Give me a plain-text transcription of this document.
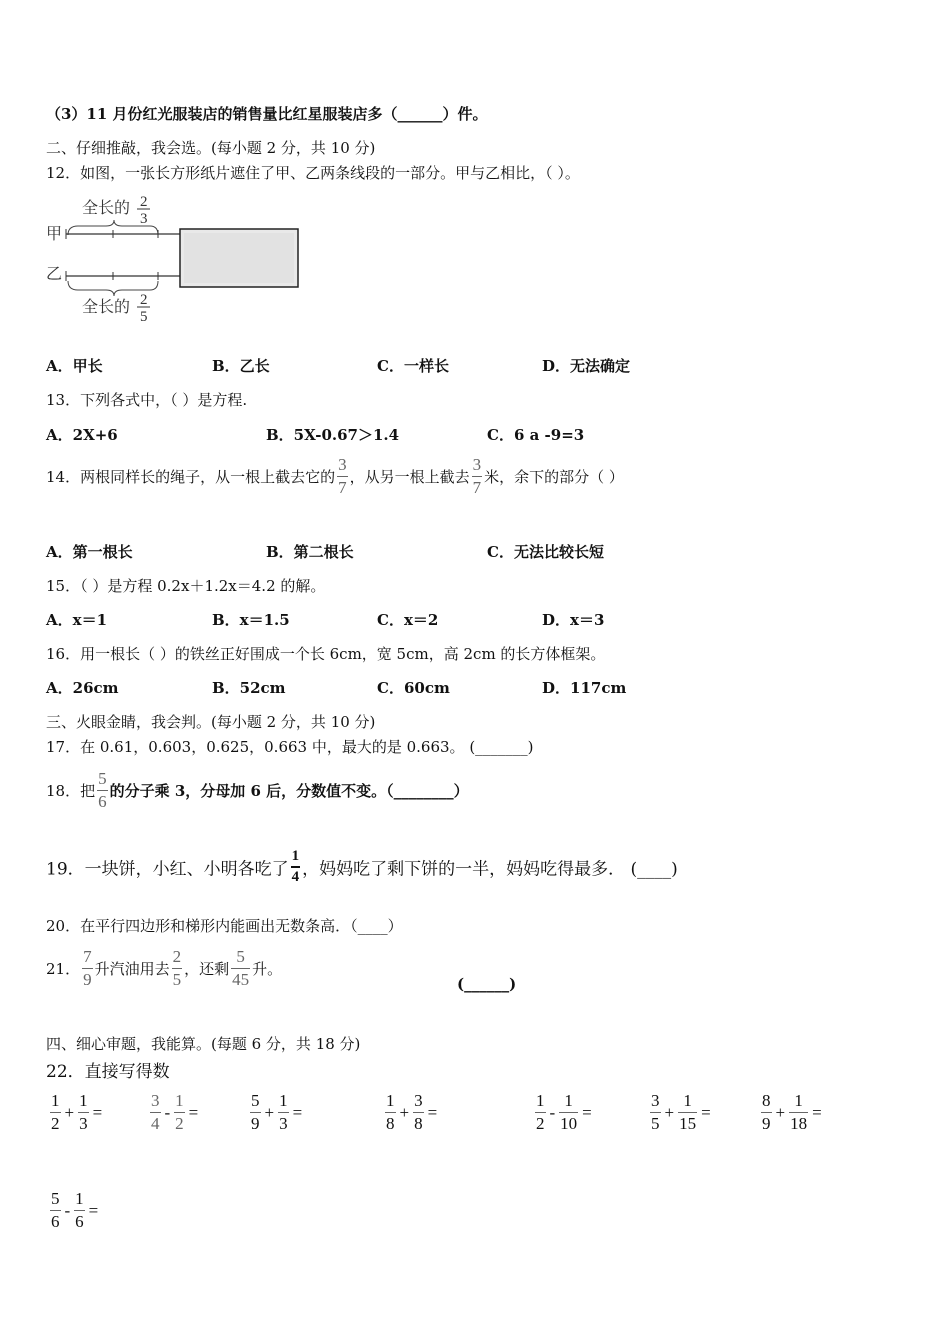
（3）11 月份红光服装店的销售量比红星服装店多（______）件。
二、仔细推敲，我会选。(每小题 2 分，共 10 分)
12．如图，一张长方形纸片遮住了甲、乙两条线段的一部分。甲与乙相比，（ ）。
全长的 2
3
甲
乙
全长的 2
5
A．甲长	B．乙长	C．一样长	D．无法确定
13．下列各式中，（ ）是方程.
A．2X+6	B．5X-0.67＞1.4	C．6 a -9=3
14．两根同样长的绳子，从一根上截去它的 $\frac{3}{7}$ ，从另一根上截去 $\frac{3}{7}$ 米，余下的部分（ ）
A．第一根长	B．第二根长	C．无法比较长短
15．（ ）是方程 0.2x＋1.2x＝4.2 的解。
A．x＝1	B．x＝1.5	C．x＝2	D．x＝3
16．用一根长（ ）的铁丝正好围成一个长 6cm，宽 5cm，高 2cm 的长方体框架。
A．26cm	B．52cm	C．60cm	D．117cm
三、火眼金睛，我会判。(每小题 2 分，共 10 分)
17．在 0.61，0.603，0.625，0.663 中，最大的是 0.663。 (_______)
18．把 $\frac{5}{6}$ 的分子乘 3，分母加 6 后，分数值不变。（________）
19．一块饼，小红、小明各吃了 $\frac{1}{4}$ ，妈妈吃了剩下饼的一半，妈妈吃得最多． (____)
20．在平行四边形和梯形内能画出无数条高．（____）
21． $\frac{7}{9}$ 升汽油用去 $\frac{2}{5}$ ，还剩 $\frac{5}{45}$ 升。
(______)
四、细心审题，我能算。(每题 6 分，共 18 分)
22．直接写得数
$\frac{1}{2} + \frac{1}{3}$ =	$\frac{3}{4} - \frac{1}{2}$ =	$\frac{5}{9} + \frac{1}{3}$ =	$\frac{1}{8} + \frac{3}{8}$ =	$\frac{1}{2} - \frac{1}{10}$ =	$\frac{3}{5} + \frac{1}{15}$ =	$\frac{8}{9} + \frac{1}{18}$ =
$\frac{5}{6} - \frac{1}{6}$ =
